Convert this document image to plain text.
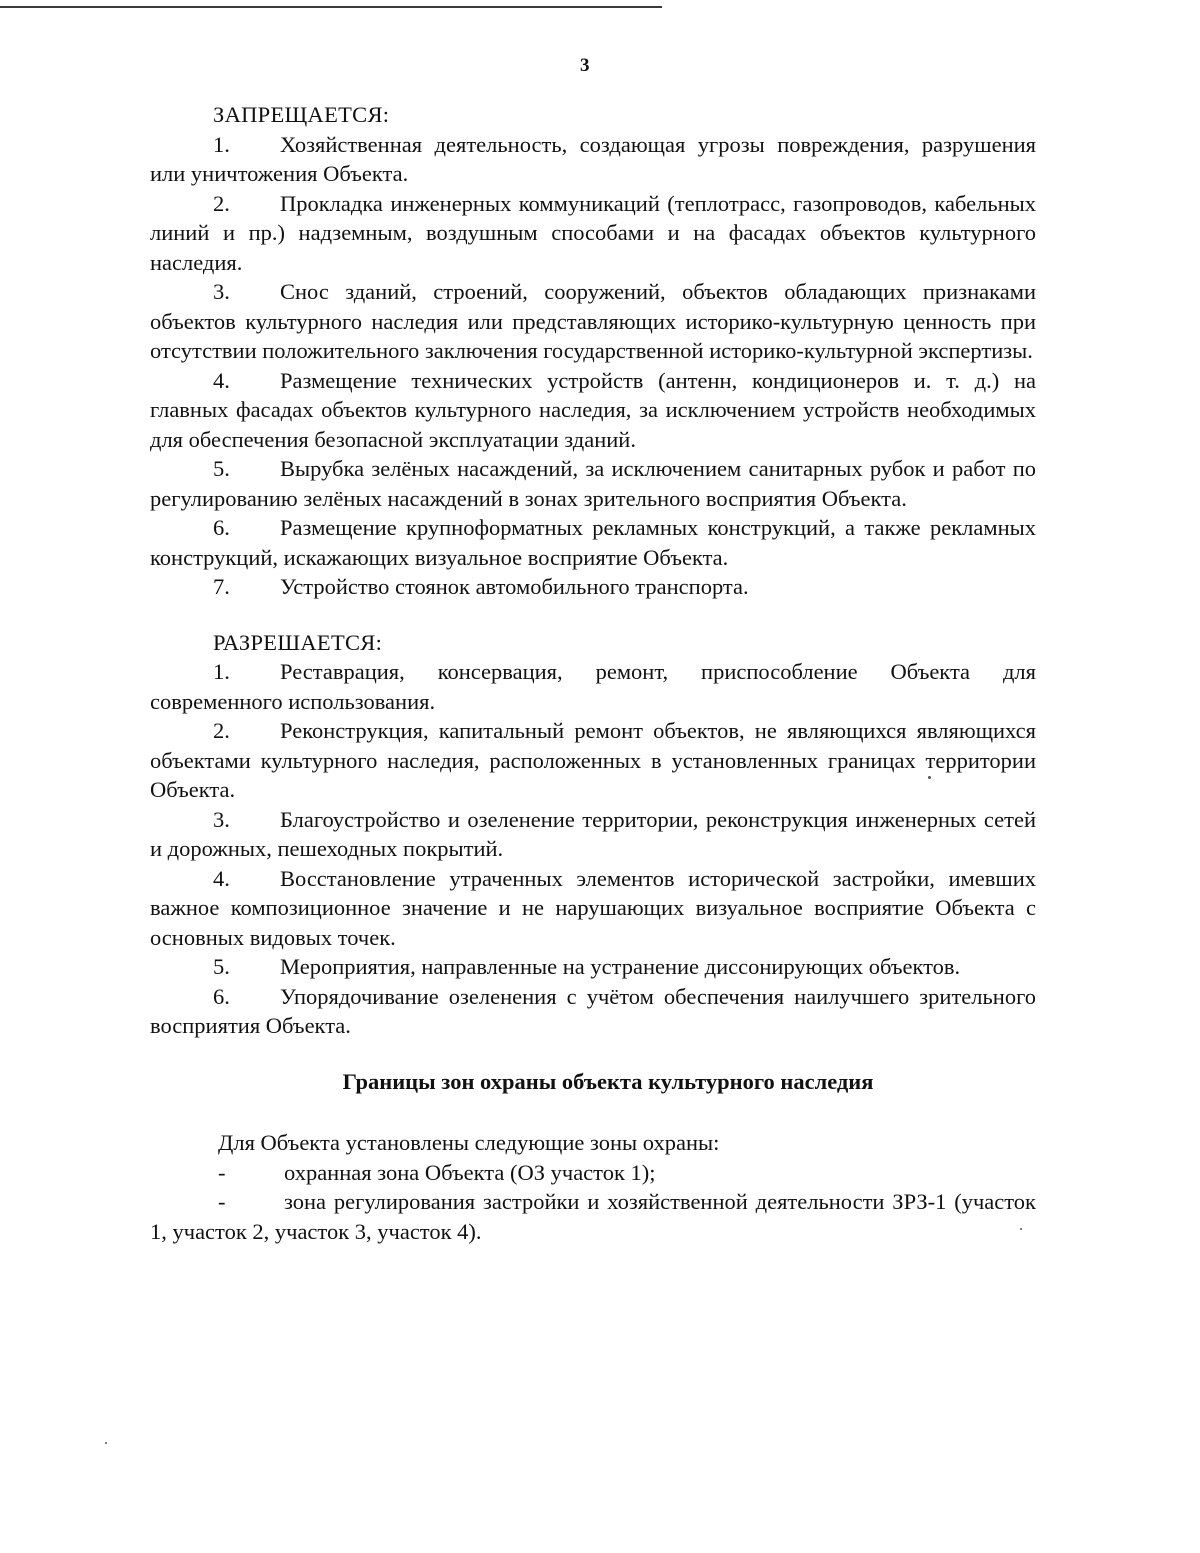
3

ЗАПРЕЩАЕТСЯ:

1. Хозяйственная деятельность, создающая угрозы повреждения, разрушения или уничтожения Объекта.

2. Прокладка инженерных коммуникаций (теплотрасс, газопроводов, кабельных линий и пр.) надземным, воздушным способами и на фасадах объектов культурного наследия.

3. Снос зданий, строений, сооружений, объектов обладающих признаками объектов культурного наследия или представляющих историко-культурную ценность при отсутствии положительного заключения государственной историко-культурной экспертизы.

4. Размещение технических устройств (антенн, кондиционеров и. т. д.) на главных фасадах объектов культурного наследия, за исключением устройств необходимых для обеспечения безопасной эксплуатации зданий.

5. Вырубка зелёных насаждений, за исключением санитарных рубок и работ по регулированию зелёных насаждений в зонах зрительного восприятия Объекта.

6. Размещение крупноформатных рекламных конструкций, а также рекламных конструкций, искажающих визуальное восприятие Объекта.

7. Устройство стоянок автомобильного транспорта.

РАЗРЕШАЕТСЯ:

1. Реставрация, консервация, ремонт, приспособление Объекта для современного использования.

2. Реконструкция, капитальный ремонт объектов, не являющихся являющихся объектами культурного наследия, расположенных в установленных границах территории Объекта.

3. Благоустройство и озеленение территории, реконструкция инженерных сетей и дорожных, пешеходных покрытий.

4. Восстановление утраченных элементов исторической застройки, имевших важное композиционное значение и не нарушающих визуальное восприятие Объекта с основных видовых точек.

5. Мероприятия, направленные на устранение диссонирующих объектов.

6. Упорядочивание озеленения с учётом обеспечения наилучшего зрительного восприятия Объекта.

Границы зон охраны объекта культурного наследия

Для Объекта установлены следующие зоны охраны:

-	охранная зона Объекта (ОЗ участок 1);

-	зона регулирования застройки и хозяйственной деятельности ЗРЗ-1 (участок 1, участок 2, участок 3, участок 4).
